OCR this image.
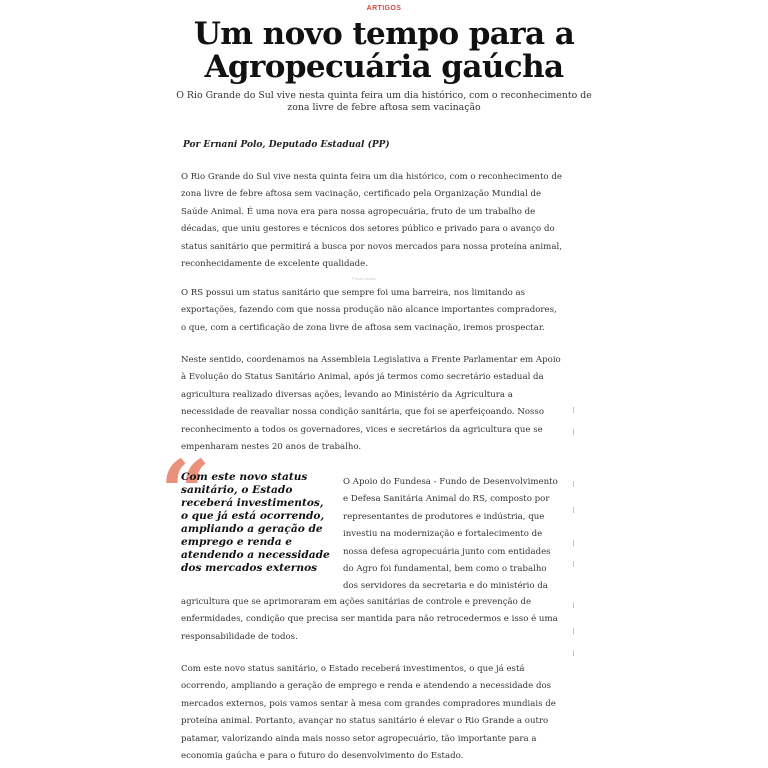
ARTIGOS
Um novo tempo para a Agropecuária gaúcha

O Rio Grande do Sul vive nesta quinta feira um dia histórico, com o reconhecimento de zona livre de febre aftosa sem vacinação

Por Ernani Polo, Deputado Estadual (PP)

O Rio Grande do Sul vive nesta quinta feira um dia histórico, com o reconhecimento de zona livre de febre aftosa sem vacinação, certificado pela Organização Mundial de Saúde Animal. É uma nova era para nossa agropecuária, fruto de um trabalho de décadas, que uniu gestores e técnicos dos setores público e privado para o avanço do status sanitário que permitirá a busca por novos mercados para nossa proteína animal, reconhecidamente de excelente qualidade.

Publicidade

O RS possui um status sanitário que sempre foi uma barreira, nos limitando as exportações, fazendo com que nossa produção não alcance importantes compradores, o que, com a certificação de zona livre de aftosa sem vacinação, iremos prospectar.

Neste sentido, coordenamos na Assembleia Legislativa a Frente Parlamentar em Apoio à Evolução do Status Sanitário Animal, após já termos como secretário estadual da agricultura realizado diversas ações, levando ao Ministério da Agricultura a necessidade de reavaliar nossa condição sanitária, que foi se aperfeiçoando. Nosso reconhecimento a todos os governadores, vices e secretários da agricultura que se empenharam nestes 20 anos de trabalho.

“

Com este novo status sanitário, o Estado receberá investimentos, o que já está ocorrendo, ampliando a geração de emprego e renda e atendendo a necessidade dos mercados externos

O Apoio do Fundesa - Fundo de Desenvolvimento e Defesa Sanitária Animal do RS, composto por representantes de produtores e indústria, que investiu na modernização e fortalecimento de nossa defesa agropecuária junto com entidades do Agro foi fundamental, bem como o trabalho dos servidores da secretaria e do ministério da

agricultura que se aprimoraram em ações sanitárias de controle e prevenção de enfermidades, condição que precisa ser mantida para não retrocedermos e isso é uma responsabilidade de todos.

Com este novo status sanitário, o Estado receberá investimentos, o que já está ocorrendo, ampliando a geração de emprego e renda e atendendo a necessidade dos mercados externos, pois vamos sentar à mesa com grandes compradores mundiais de proteína animal. Portanto, avançar no status sanitário é elevar o Rio Grande a outro patamar, valorizando ainda mais nosso setor agropecuário, tão importante para a economia gaúcha e para o futuro do desenvolvimento do Estado.
